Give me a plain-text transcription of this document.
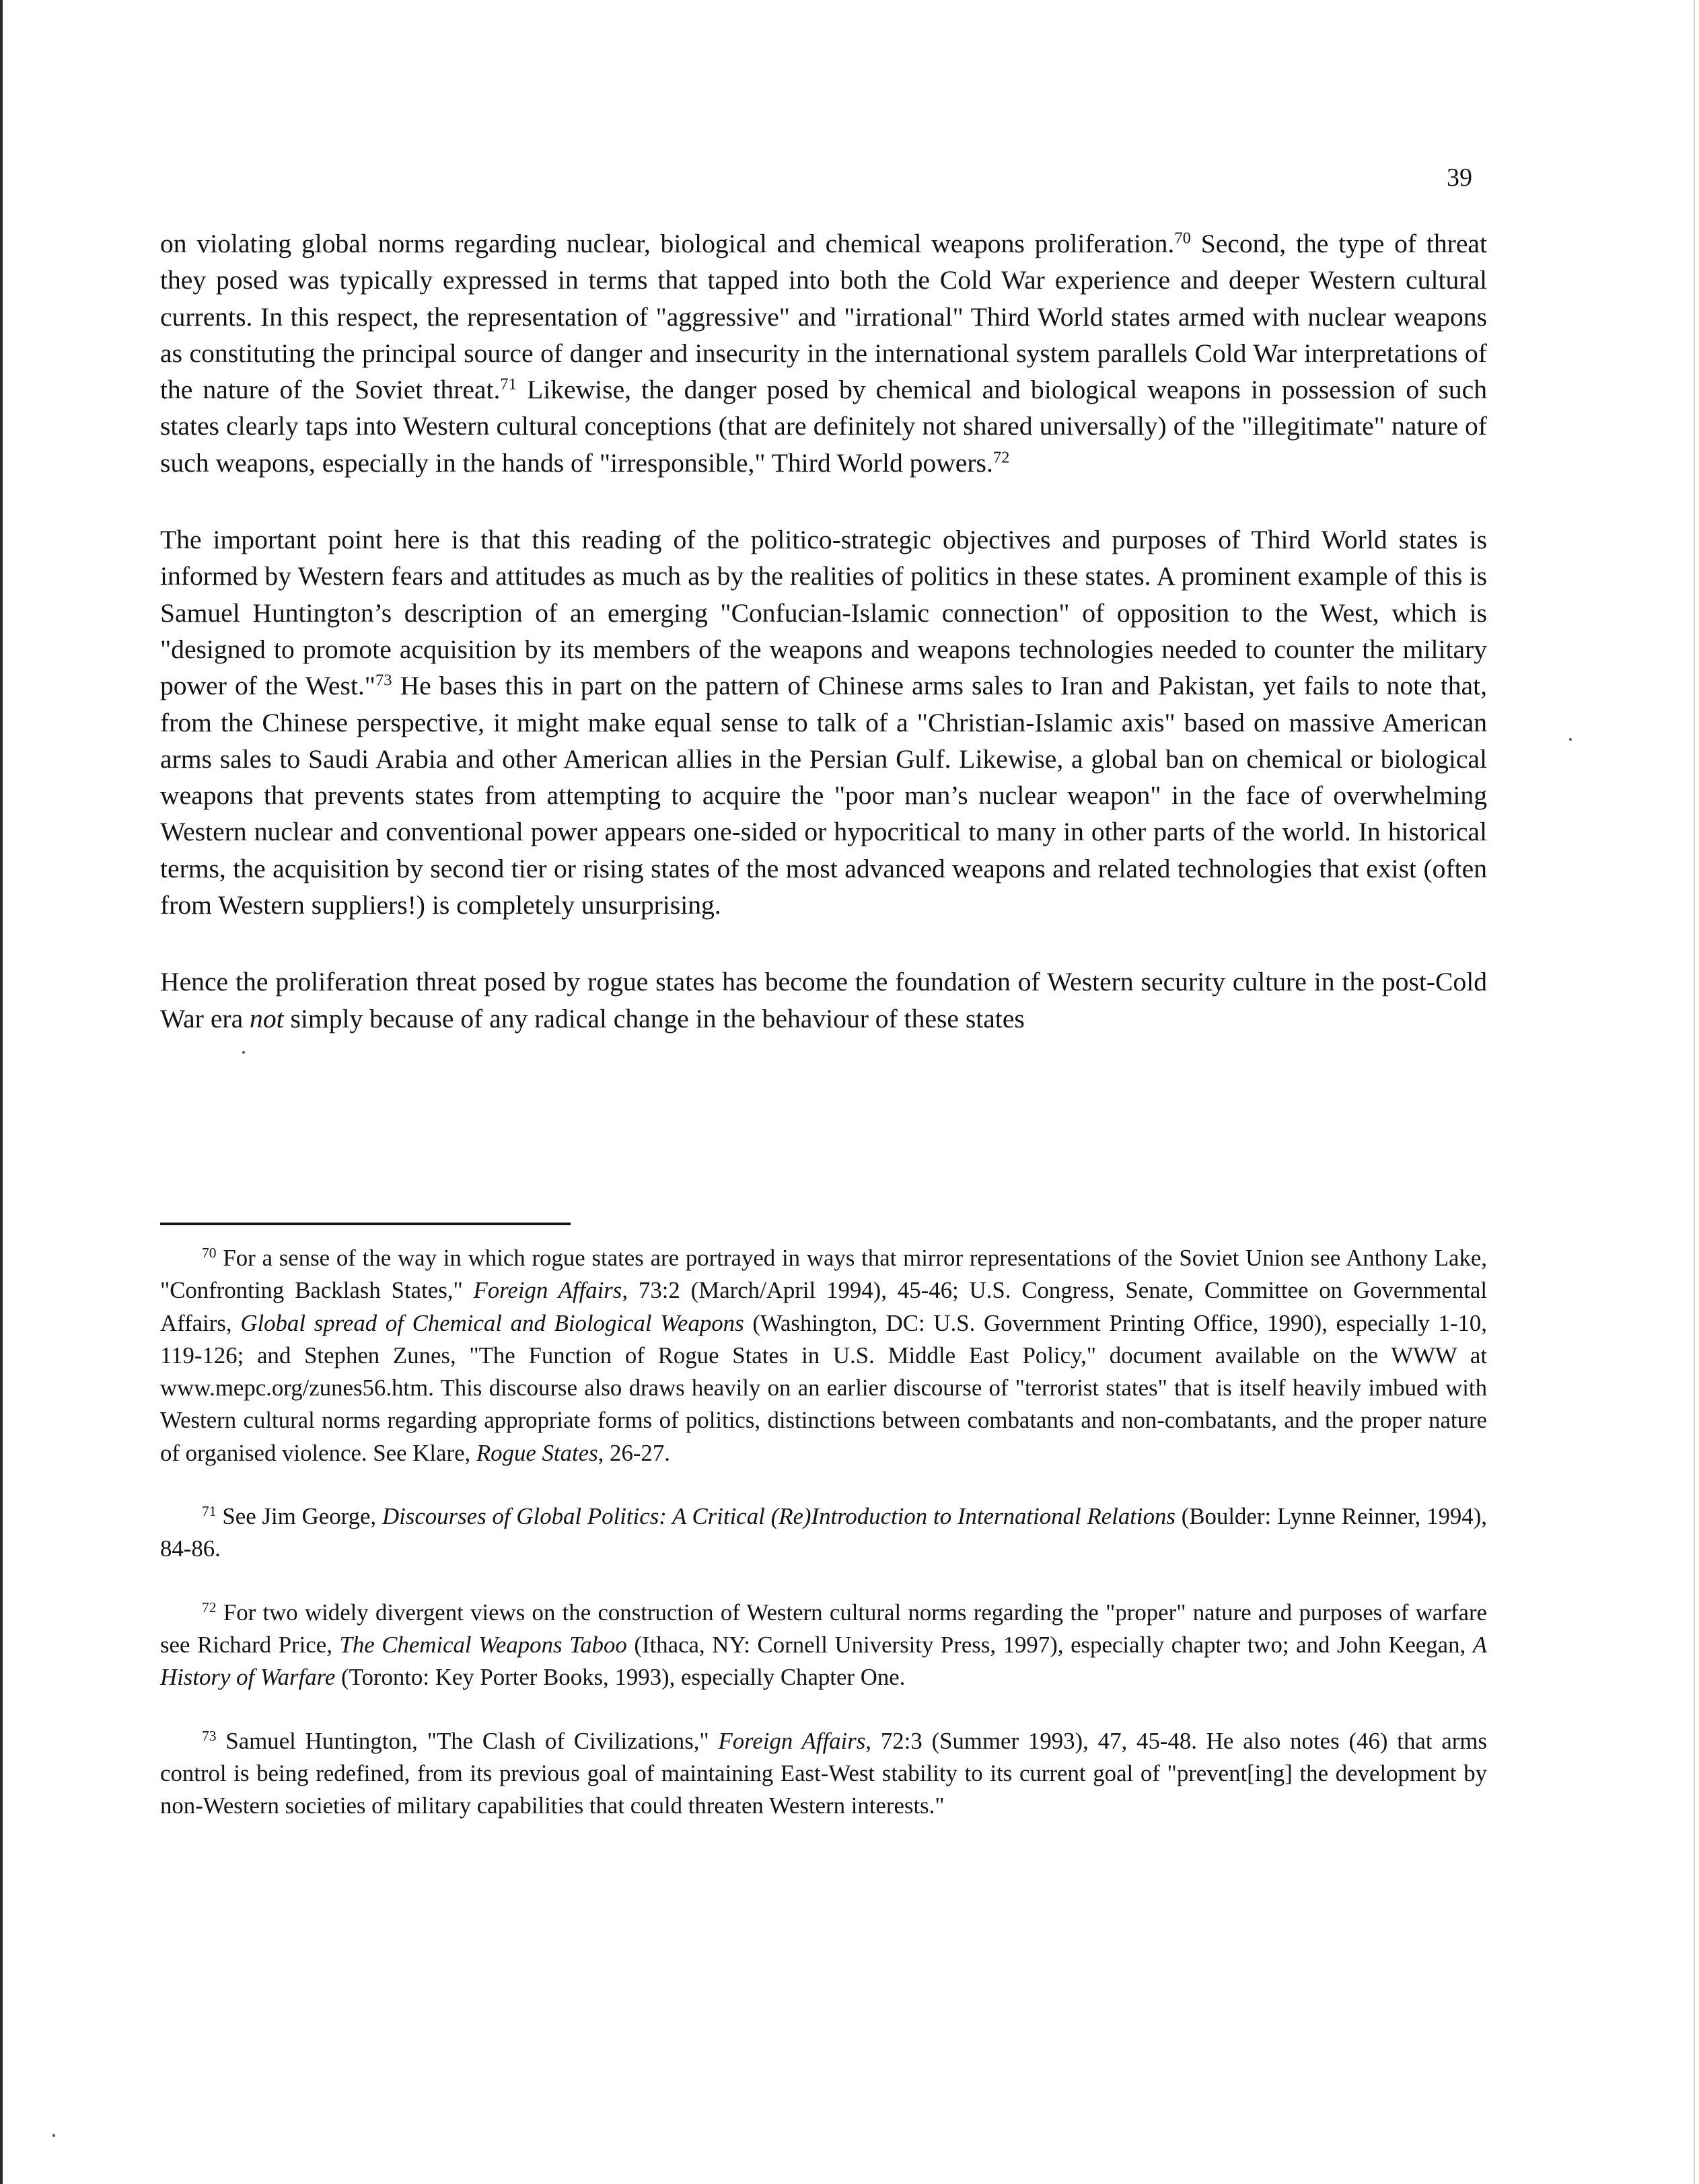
39

on violating global norms regarding nuclear, biological and chemical weapons proliferation.$^{70}$ Second, the type of threat they posed was typically expressed in terms that tapped into both the Cold War experience and deeper Western cultural currents. In this respect, the representation of "aggressive" and "irrational" Third World states armed with nuclear weapons as constituting the principal source of danger and insecurity in the international system parallels Cold War interpretations of the nature of the Soviet threat.$^{71}$ Likewise, the danger posed by chemical and biological weapons in possession of such states clearly taps into Western cultural conceptions (that are definitely not shared universally) of the "illegitimate" nature of such weapons, especially in the hands of "irresponsible," Third World powers.$^{72}$

The important point here is that this reading of the politico-strategic objectives and purposes of Third World states is informed by Western fears and attitudes as much as by the realities of politics in these states. A prominent example of this is Samuel Huntington’s description of an emerging "Confucian-Islamic connection" of opposition to the West, which is "designed to promote acquisition by its members of the weapons and weapons technologies needed to counter the military power of the West."$^{73}$ He bases this in part on the pattern of Chinese arms sales to Iran and Pakistan, yet fails to note that, from the Chinese perspective, it might make equal sense to talk of a "Christian-Islamic axis" based on massive American arms sales to Saudi Arabia and other American allies in the Persian Gulf. Likewise, a global ban on chemical or biological weapons that prevents states from attempting to acquire the "poor man’s nuclear weapon" in the face of overwhelming Western nuclear and conventional power appears one-sided or hypocritical to many in other parts of the world. In historical terms, the acquisition by second tier or rising states of the most advanced weapons and related technologies that exist (often from Western suppliers!) is completely unsurprising.

Hence the proliferation threat posed by rogue states has become the foundation of Western security culture in the post-Cold War era not simply because of any radical change in the behaviour of these states

$^{70}$ For a sense of the way in which rogue states are portrayed in ways that mirror representations of the Soviet Union see Anthony Lake, "Confronting Backlash States," Foreign Affairs, 73:2 (March/April 1994), 45-46; U.S. Congress, Senate, Committee on Governmental Affairs, Global spread of Chemical and Biological Weapons (Washington, DC: U.S. Government Printing Office, 1990), especially 1-10, 119-126; and Stephen Zunes, "The Function of Rogue States in U.S. Middle East Policy," document available on the WWW at www.mepc.org/zunes56.htm. This discourse also draws heavily on an earlier discourse of "terrorist states" that is itself heavily imbued with Western cultural norms regarding appropriate forms of politics, distinctions between combatants and non-combatants, and the proper nature of organised violence. See Klare, Rogue States, 26-27.

$^{71}$ See Jim George, Discourses of Global Politics: A Critical (Re)Introduction to International Relations (Boulder: Lynne Reinner, 1994), 84-86.

$^{72}$ For two widely divergent views on the construction of Western cultural norms regarding the "proper" nature and purposes of warfare see Richard Price, The Chemical Weapons Taboo (Ithaca, NY: Cornell University Press, 1997), especially chapter two; and John Keegan, A History of Warfare (Toronto: Key Porter Books, 1993), especially Chapter One.

$^{73}$ Samuel Huntington, "The Clash of Civilizations," Foreign Affairs, 72:3 (Summer 1993), 47, 45-48. He also notes (46) that arms control is being redefined, from its previous goal of maintaining East-West stability to its current goal of "prevent[ing] the development by non-Western societies of military capabilities that could threaten Western interests."
